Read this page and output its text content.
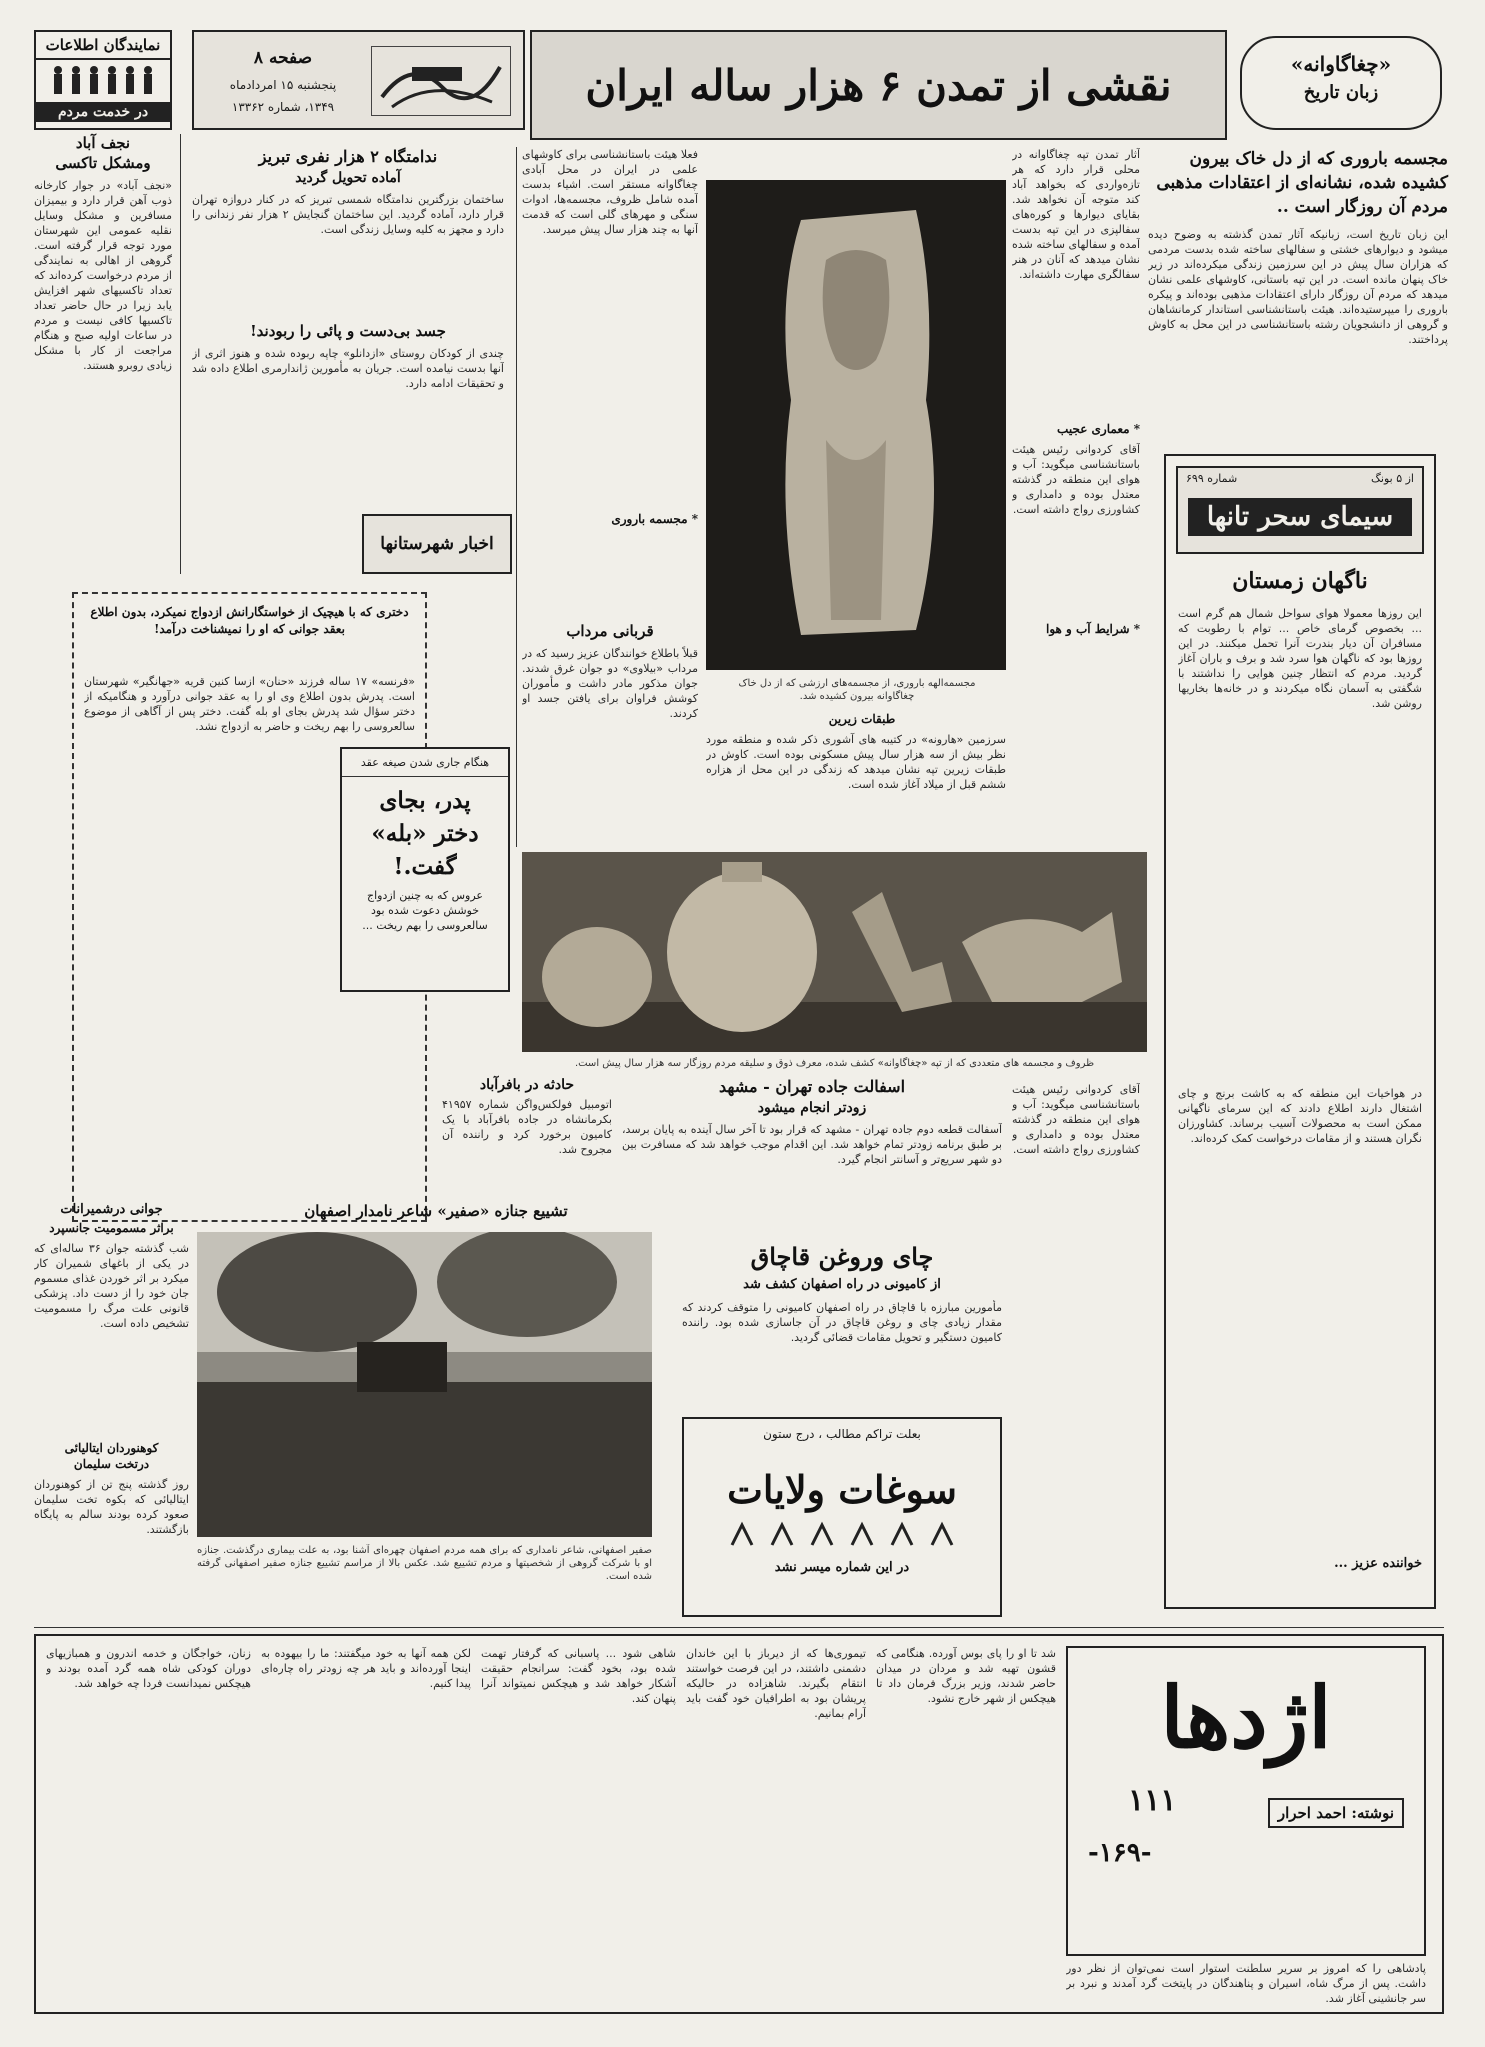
نمایندگان اطلاعات
در خدمت مردم
صفحه ۸
پنجشنبه ۱۵ امردادماه
۱۳۴۹، شماره ۱۳۳۶۲	نقشی از تمدن ۶ هزار ساله ایران	«چغاگاوانه»
زبان تاریخ
مجسمه باروری که از دل خاک بیرون کشیده شده، نشانه‌ای از اعتقادات مذهبی مردم آن روزگار است ..
این زبان تاریخ است، زبانیکه آثار تمدن گذشته به وضوح دیده میشود و دیوارهای خشتی و سفالهای ساخته شده بدست مردمی که هزاران سال پیش در این سرزمین زندگی میکرده‌اند در زیر خاک پنهان مانده است. در این تپه باستانی، کاوشهای علمی نشان میدهد که مردم آن روزگار دارای اعتقادات مذهبی بوده‌اند و پیکره باروری را میپرستیده‌اند. هیئت باستانشناسی استاندار کرمانشاهان و گروهی از دانشجویان رشته باستانشناسی در این محل به کاوش پرداختند.
از ۵ بونگ
شماره ۶۹۹
سیمای سحر تانها
ناگهان زمستان
این روزها معمولا هوای سواحل شمال هم گرم است ... بخصوص گرمای خاص ... توام با رطوبت که مسافران آن دیار بندرت آنرا تحمل میکنند. در این روزها بود که ناگهان هوا سرد شد و برف و باران آغاز گردید. مردم که انتظار چنین هوایی را نداشتند با شگفتی به آسمان نگاه میکردند و در خانه‌ها بخاریها روشن شد.
در هواخیات این منطقه که به کاشت برنج و چای اشتغال دارند اطلاع دادند که این سرمای ناگهانی ممکن است به محصولات آسیب برساند. کشاورزان نگران هستند و از مقامات درخواست کمک کرده‌اند.
خواننده عزیز ...
نجف آباد
ومشکل تاکسی
«نجف آباد» در جوار کارخانه ذوب آهن قرار دارد و بیمیزان مسافرین و مشکل وسایل نقلیه عمومی این شهرستان مورد توجه قرار گرفته است. گروهی از اهالی به نمایندگی از مردم درخواست کرده‌اند که تعداد تاکسیهای شهر افزایش یابد زیرا در حال حاضر تعداد تاکسیها کافی نیست و مردم در ساعات اولیه صبح و هنگام مراجعت از کار با مشکل زیادی روبرو هستند.
ندامتگاه ۲ هزار نفری تبریز
آماده تحویل گردید
ساختمان بزرگترین ندامتگاه شمسی تبریز که در کنار دروازه تهران قرار دارد، آماده گردید. این ساختمان گنجایش ۲ هزار نفر زندانی را دارد و مجهز به کلیه وسایل زندگی است.
جسد بی‌دست و پائی را ربودند!
چندی از کودکان روستای «ازدانلو» چاپه ربوده شده و هنوز اثری از آنها بدست نیامده است. جریان به مأمورین ژاندارمری اطلاع داده شد و تحقیقات ادامه دارد.
اخبار شهرستانها
فعلا هیئت باستانشناسی برای کاوشهای علمی در ایران در محل آبادی چغاگاوانه مستقر است. اشیاء بدست آمده شامل ظروف، مجسمه‌ها، ادوات سنگی و مهرهای گلی است که قدمت آنها به چند هزار سال پیش میرسد.
آثار تمدن تپه چغاگاوانه در محلی قرار دارد که هر تازه‌واردی که بخواهد آباد کند متوجه آن نخواهد شد. بقایای دیوارها و کوره‌های سفالپزی در این تپه بدست آمده و سفالهای ساخته شده نشان میدهد که آنان در هنر سفالگری مهارت داشته‌اند.
* مجسمه باروری
* معماری عجیب
آقای کردوانی رئیس هیئت باستانشناسی میگوید: آب و هوای این منطقه در گذشته معتدل بوده و دامداری و کشاورزی رواج داشته است.
* شرایط آب و هوا
مجسمه‌الهه باروری، از مجسمه‌های ارزشی که از دل خاک چغاگاوانه بیرون کشیده شد.
طبقات زیرین
سرزمین «هارونه» در کتیبه های آشوری ذکر شده و منطقه مورد نظر بیش از سه هزار سال پیش مسکونی بوده است. کاوش در طبقات زیرین تپه نشان میدهد که زندگی در این محل از هزاره ششم قبل از میلاد آغاز شده است.
قربانی مرداب
قبلاً باطلاع خوانندگان عزیز رسید که در مرداب «بیلاوی» دو جوان غرق شدند. جوان مذکور مادر داشت و مأموران کوشش فراوان برای یافتن جسد او کردند.
دختری که با هیچیک از خواستگارانش ازدواج نمیکرد، بدون اطلاع بعقد جوانی که او را نمیشناخت درآمد!
«فرنسه» ۱۷ ساله فرزند «حنان» ازسا کنین قریه «جهانگیر» شهرستان است. پدرش بدون اطلاع وی او را به عقد جوانی درآورد و هنگامیکه از دختر سؤال شد پدرش بجای او بله گفت. دختر پس از آگاهی از موضوع سالعروسی را بهم ریخت و حاضر به ازدواج نشد.
هنگام جاری شدن صیغه عقد
پدر، بجای
دختر «بله»
گفت.!
عروس که به چنین ازدواج خوشش دعوت شده بود سالعروسی را بهم ریخت ...
ظروف و مجسمه های متعددی که از تپه «چغاگاوانه» کشف شده، معرف ذوق و سلیقه مردم روزگار سه هزار سال پیش است.
حادثه در بافرآباد
اتومبیل فولکس‌واگن شماره ۴۱۹۵۷ بکرمانشاه در جاده بافرآباد با یک کامیون برخورد کرد و راننده آن مجروح شد.
اسفالت جاده تهران - مشهد
زودتر انجام میشود
آسفالت قطعه دوم جاده تهران - مشهد که قرار بود تا آخر سال آینده به پایان برسد، بر طبق برنامه زودتر تمام خواهد شد. این اقدام موجب خواهد شد که مسافرت بین دو شهر سریع‌تر و آسانتر انجام گیرد.
تشییع جنازه «صفیر» شاعر نامدار اصفهان
صفیر اصفهانی، شاعر نامداری که برای همه مردم اصفهان چهره‌ای آشنا بود، به علت بیماری درگذشت. جنازه او با شرکت گروهی از شخصیتها و مردم تشییع شد. عکس بالا از مراسم تشییع جنازه صفیر اصفهانی گرفته شده است.
جوانی درشمیرانات
براثر مسمومیت جانسپرد
شب گذشته جوان ۳۶ ساله‌ای که در یکی از باغهای شمیران کار میکرد بر اثر خوردن غذای مسموم جان خود را از دست داد. پزشکی قانونی علت مرگ را مسمومیت تشخیص داده است.
کوهنوردان ایتالیائی
درتخت سلیمان
روز گذشته پنج تن از کوهنوردان ایتالیائی که بکوه تخت سلیمان صعود کرده بودند سالم به پایگاه بازگشتند.
چای وروغن قاچاق
از کامیونی در راه اصفهان کشف شد
مأمورین مبارزه با قاچاق در راه اصفهان کامیونی را متوقف کردند که مقدار زیادی چای و روغن قاچاق در آن جاسازی شده بود. راننده کامیون دستگیر و تحویل مقامات قضائی گردید.
بعلت تراکم مطالب ، درج ستون
سوغات ولایات
در این شماره میسر نشد
آقای کردوانی رئیس هیئت باستانشناسی میگوید: آب و هوای این منطقه در گذشته معتدل بوده و دامداری و کشاورزی رواج داشته است.
اژدها
١١١	نوشته: احمد احرار
-۱۶۹-
پادشاهی را که امروز بر سریر سلطنت استوار است نمی‌توان از نظر دور داشت. پس از مرگ شاه، اسیران و پناهندگان در پایتخت گرد آمدند و نبرد بر سر جانشینی آغاز شد.
شد تا او را پای بوس آورده. هنگامی که قشون تهیه شد و مردان در میدان حاضر شدند، وزیر بزرگ فرمان داد تا هیچکس از شهر خارج نشود.
تیموری‌ها که از دیرباز با این خاندان دشمنی داشتند، در این فرصت خواستند انتقام بگیرند. شاهزاده در حالیکه پریشان بود به اطرافیان خود گفت باید آرام بمانیم.
شاهی شود ... پاسبانی که گرفتار تهمت شده بود، بخود گفت: سرانجام حقیقت آشکار خواهد شد و هیچکس نمیتواند آنرا پنهان کند.
لکن همه آنها به خود میگفتند: ما را بیهوده به اینجا آورده‌اند و باید هر چه زودتر راه چاره‌ای پیدا کنیم.
زنان، خواجگان و خدمه اندرون و همبازیهای دوران کودکی شاه همه گرد آمده بودند و هیچکس نمیدانست فردا چه خواهد شد.
